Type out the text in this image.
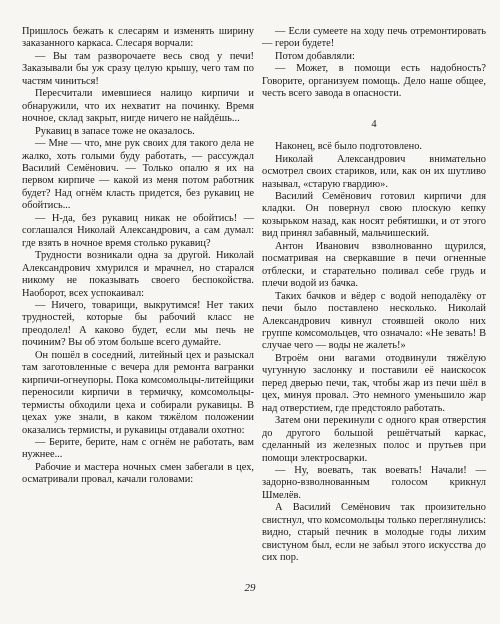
Пришлось бежать к слесарям и изменять ширину заказанного каркаса. Слесаря ворчали:

— Вы там разворочаете весь свод у печи! Заказывали бы уж сразу целую крышу, чего там по частям чиниться!

Пересчитали имевшиеся налицо кирпичи и обнаружили, что их нехватит на починку. Время ночное, склад закрыт, нигде ничего не найдёшь...

Рукавиц в запасе тоже не оказалось.

— Мне — что, мне рук своих для такого дела не жалко, хоть голыми буду работать, — рассуждал Василий Семёнович. — Только опалю я их на первом кирпиче — какой из меня потом работник будет? Над огнём класть придется, без рукавиц не обойтись...

— Н-да, без рукавиц никак не обойтись! — соглашался Николай Александрович, а сам думал: где взять в ночное время столько рукавиц?

Трудности возникали одна за другой. Николай Александрович хмурился и мрачнел, но старался никому не показывать своего беспокойства. Наоборот, всех успокаивал:

— Ничего, товарищи, выкрутимся! Нет таких трудностей, которые бы рабочий класс не преодолел! А каково будет, если мы печь не починим? Вы об этом больше всего думайте.

Он пошёл в соседний, литейный цех и разыскал там заготовленные с вечера для ремонта вагранки кирпичи-огнеупоры. Пока комсомольцы-литейщики переносили кирпичи в термичку, комсомольцы-термисты обходили цеха и собирали рукавицы. В цехах уже знали, в каком тяжёлом положении оказались термисты, и рукавицы отдавали охотно:

— Берите, берите, нам с огнём не работать, вам нужнее...

Рабочие и мастера ночных смен забегали в цех, осматривали провал, качали головами:

— Если сумеете на ходу печь отремонтировать — герои будете!

Потом добавляли:

— Может, в помощи есть надобность? Говорите, организуем помощь. Дело наше общее, честь всего завода в опасности.

4

Наконец, всё было подготовлено.

Николай Александрович внимательно осмотрел своих стариков, или, как он их шутливо называл, «старую гвардию».

Василий Семёнович готовил кирпичи для кладки. Он повернул свою плоскую кепку козырьком назад, как носят ребятишки, и от этого вид принял забавный, мальчишеский.

Антон Иванович взволнованно щурился, посматривая на сверкавшие в печи огненные отблески, и старательно поливал себе грудь и плечи водой из бачка.

Таких бачков и вёдер с водой неподалёку от печи было поставлено несколько. Николай Александрович кивнул стоявшей около них группе комсомольцев, что означало: «Не зевать! В случае чего — воды не жалеть!»

Втроём они вагами отодвинули тяжёлую чугунную заслонку и поставили её наискосок перед дверью печи, так, чтобы жар из печи шёл в цех, минуя провал. Это немного уменьшило жар над отверстием, где предстояло работать.

Затем они перекинули с одного края отверстия до другого большой решётчатый каркас, сделанный из железных полос и прутьев при помощи электросварки.

— Ну, воевать, так воевать! Начали! — задорно-взволнованным голосом крикнул Шмелёв.

А Василий Семёнович так произительно свистнул, что комсомольцы только переглянулись: видно, старый печник в молодые годы лихим свистуном был, если не забыл этого искусства до сих пор.

29
